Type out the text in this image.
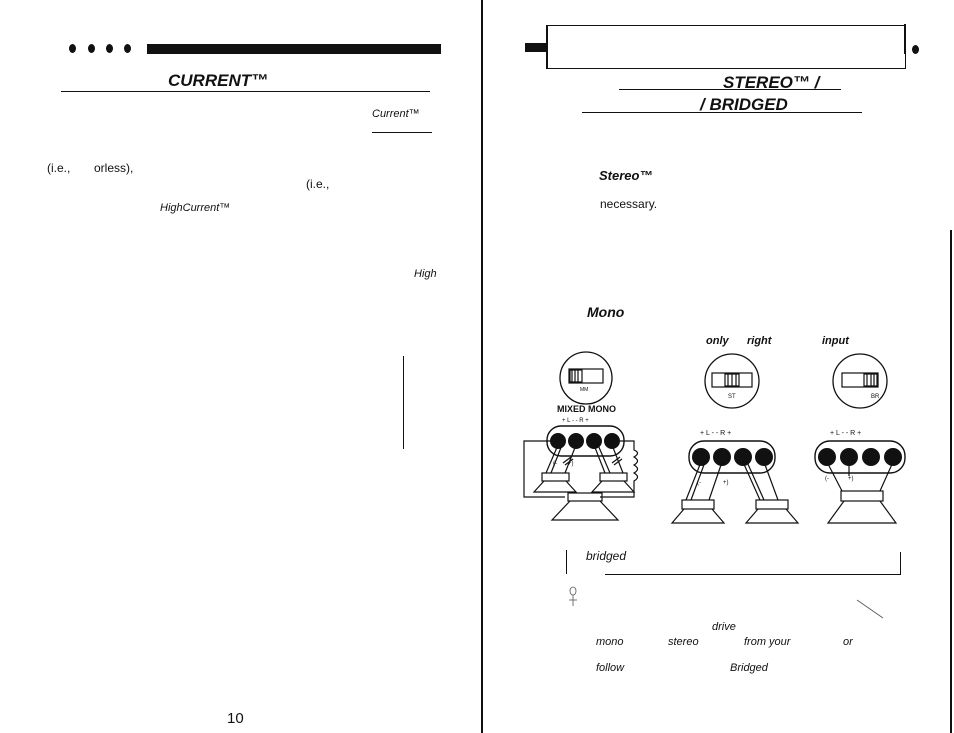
CURRENT™
Current™
(i.e., orless),
(i.e.,
HighCurrent™
High
10
STEREO™ /
/ BRIDGED
Stereo™
necessary.
Mono
only right	input
MM
ST	BR
MIXED MONO
+ L - - R +
+ L - - R +	+ L - - R +
(- +)
(-	+)
(-	+)
bridged
drive
mono	stereo	from your	or
follow	Bridged
